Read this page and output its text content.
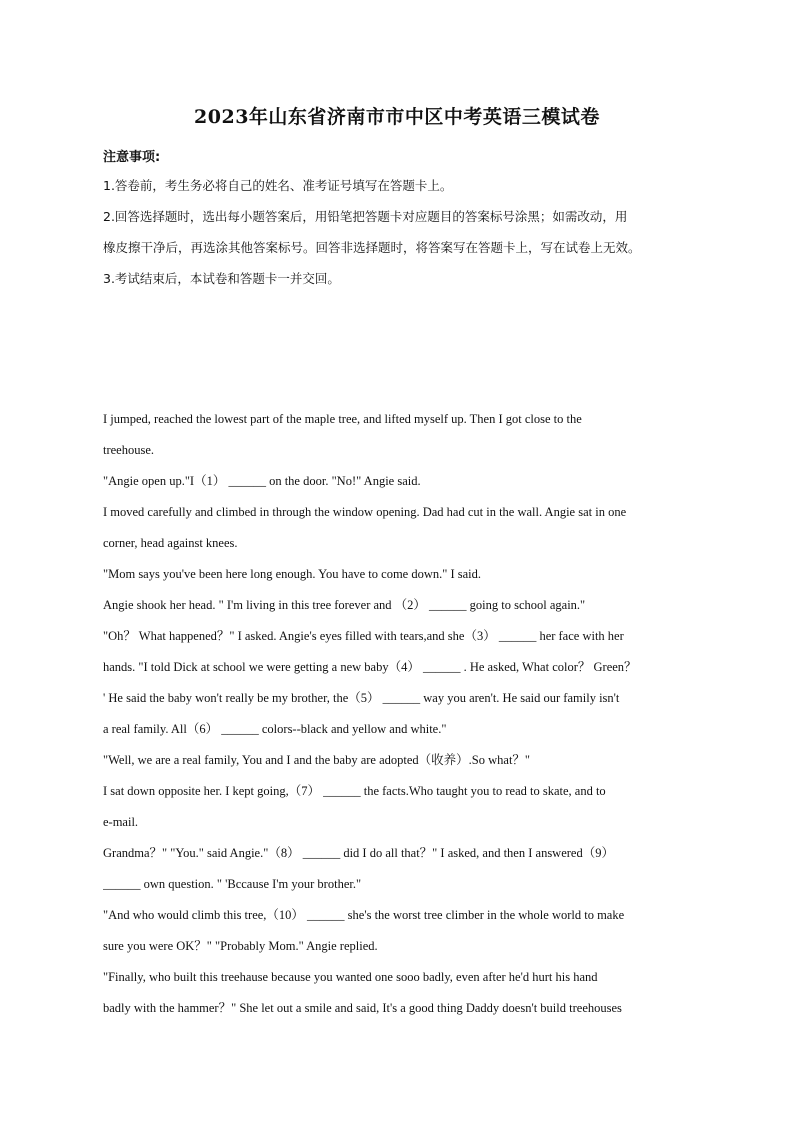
2023年山东省济南市市中区中考英语三模试卷
注意事项:
1.答卷前，考生务必将自己的姓名、准考证号填写在答题卡上。
2.回答选择题时，选出每小题答案后，用铅笔把答题卡对应题目的答案标号涂黑；如需改动，用
橡皮擦干净后，再选涂其他答案标号。回答非选择题时，将答案写在答题卡上，写在试卷上无效。
3.考试结束后，本试卷和答题卡一并交回。
I jumped, reached the lowest part of the maple tree, and lifted myself up. Then I got close to the
treehouse.
"Angie open up."I（1） ______ on the door. "No!" Angie said.
I moved carefully and climbed in through the window opening. Dad had cut in the wall. Angie sat in one
corner, head against knees.
"Mom says you've been here long enough. You have to come down." I said.
Angie shook her head. " I'm living in this tree forever and （2） ______ going to school again."
"Oh？ What happened？" I asked. Angie's eyes filled with tears,and she（3） ______ her face with her
hands. "I told Dick at school we were getting a new baby（4） ______ . He asked, What color？ Green？
' He said the baby won't really be my brother, the（5） ______ way you aren't. He said our family isn't
a real family. All（6） ______ colors--black and yellow and white."
"Well, we are a real family, You and I and the baby are adopted（收养）.So what？"
I sat down opposite her. I kept going,（7） ______ the facts.Who taught you to read to skate, and to
e-mail.
Grandma？" "You." said Angie."（8） ______ did I do all that？" I asked, and then I answered（9）
______ own question. " 'Bccause I'm your brother."
"And who would climb this tree,（10） ______ she's the worst tree climber in the whole world to make
sure you were OK？" "Probably Mom." Angie replied.
"Finally, who built this treehause because you wanted one sooo badly, even after he'd hurt his hand
badly with the hammer？" She let out a smile and said, It's a good thing Daddy doesn't build treehouses
